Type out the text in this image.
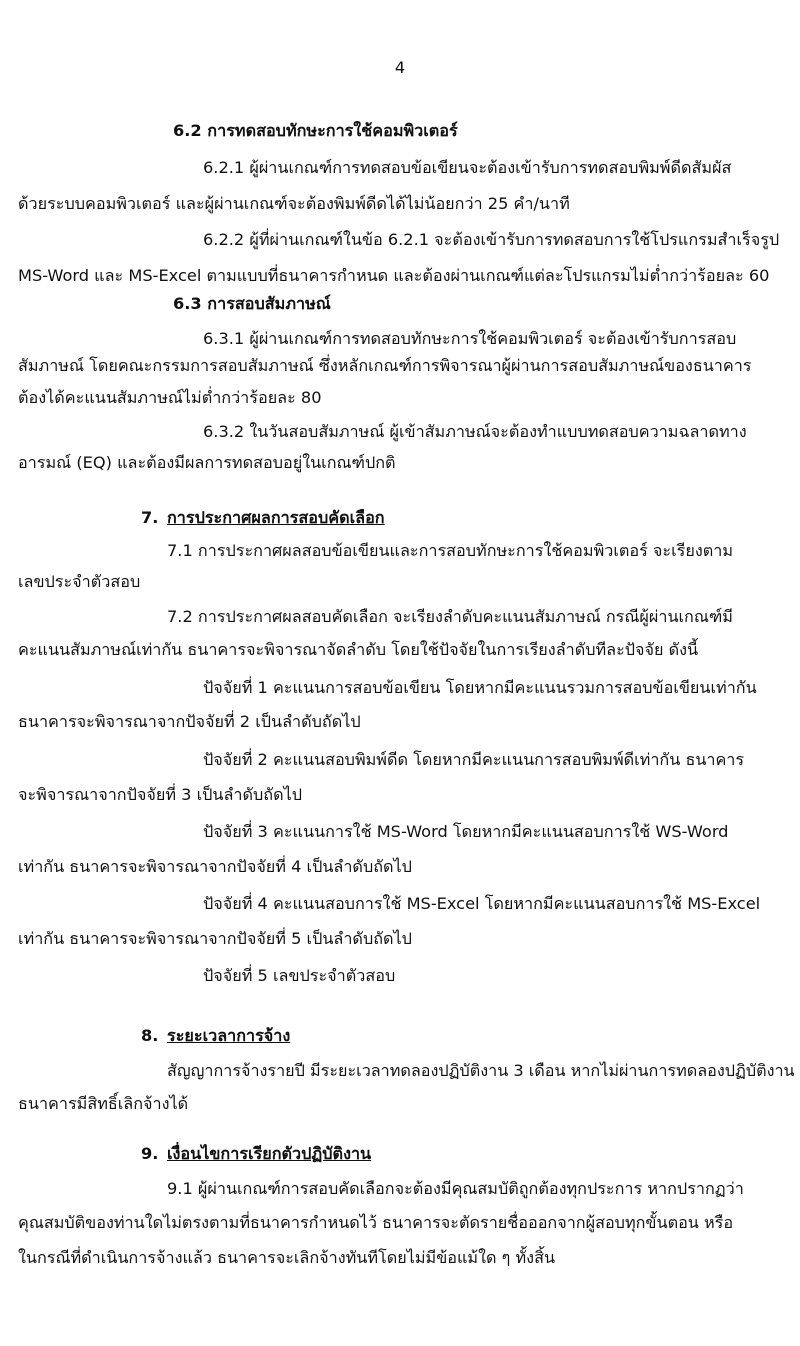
4
6.2 การทดสอบทักษะการใช้คอมพิวเตอร์
6.2.1 ผู้ผ่านเกณฑ์การทดสอบข้อเขียนจะต้องเข้ารับการทดสอบพิมพ์ดีดสัมผัส
ด้วยระบบคอมพิวเตอร์ และผู้ผ่านเกณฑ์จะต้องพิมพ์ดีดได้ไม่น้อยกว่า 25 คำ/นาที
6.2.2 ผู้ที่ผ่านเกณฑ์ในข้อ 6.2.1 จะต้องเข้ารับการทดสอบการใช้โปรแกรมสำเร็จรูป
MS-Word และ MS-Excel ตามแบบที่ธนาคารกำหนด และต้องผ่านเกณฑ์แต่ละโปรแกรมไม่ต่ำกว่าร้อยละ 60
6.3 การสอบสัมภาษณ์
6.3.1 ผู้ผ่านเกณฑ์การทดสอบทักษะการใช้คอมพิวเตอร์ จะต้องเข้ารับการสอบ
สัมภาษณ์ โดยคณะกรรมการสอบสัมภาษณ์ ซึ่งหลักเกณฑ์การพิจารณาผู้ผ่านการสอบสัมภาษณ์ของธนาคาร
ต้องได้คะแนนสัมภาษณ์ไม่ต่ำกว่าร้อยละ 80
6.3.2 ในวันสอบสัมภาษณ์ ผู้เข้าสัมภาษณ์จะต้องทำแบบทดสอบความฉลาดทาง
อารมณ์ (EQ) และต้องมีผลการทดสอบอยู่ในเกณฑ์ปกติ
7. การประกาศผลการสอบคัดเลือก
7.1 การประกาศผลสอบข้อเขียนและการสอบทักษะการใช้คอมพิวเตอร์ จะเรียงตาม
เลขประจำตัวสอบ
7.2 การประกาศผลสอบคัดเลือก จะเรียงลำดับคะแนนสัมภาษณ์ กรณีผู้ผ่านเกณฑ์มี
คะแนนสัมภาษณ์เท่ากัน ธนาคารจะพิจารณาจัดลำดับ โดยใช้ปัจจัยในการเรียงลำดับทีละปัจจัย ดังนี้
ปัจจัยที่ 1 คะแนนการสอบข้อเขียน โดยหากมีคะแนนรวมการสอบข้อเขียนเท่ากัน
ธนาคารจะพิจารณาจากปัจจัยที่ 2 เป็นลำดับถัดไป
ปัจจัยที่ 2 คะแนนสอบพิมพ์ดีด โดยหากมีคะแนนการสอบพิมพ์ดีเท่ากัน ธนาคาร
จะพิจารณาจากปัจจัยที่ 3 เป็นลำดับถัดไป
ปัจจัยที่ 3 คะแนนการใช้ MS-Word โดยหากมีคะแนนสอบการใช้ WS-Word
เท่ากัน ธนาคารจะพิจารณาจากปัจจัยที่ 4 เป็นลำดับถัดไป
ปัจจัยที่ 4 คะแนนสอบการใช้ MS-Excel โดยหากมีคะแนนสอบการใช้ MS-Excel
เท่ากัน ธนาคารจะพิจารณาจากปัจจัยที่ 5 เป็นลำดับถัดไป
ปัจจัยที่ 5 เลขประจำตัวสอบ
8. ระยะเวลาการจ้าง
สัญญาการจ้างรายปี มีระยะเวลาทดลองปฏิบัติงาน 3 เดือน หากไม่ผ่านการทดลองปฏิบัติงาน
ธนาคารมีสิทธิ์เลิกจ้างได้
9. เงื่อนไขการเรียกตัวปฏิบัติงาน
9.1 ผู้ผ่านเกณฑ์การสอบคัดเลือกจะต้องมีคุณสมบัติถูกต้องทุกประการ หากปรากฏว่า
คุณสมบัติของท่านใดไม่ตรงตามที่ธนาคารกำหนดไว้ ธนาคารจะตัดรายชื่อออกจากผู้สอบทุกขั้นตอน หรือ
ในกรณีที่ดำเนินการจ้างแล้ว ธนาคารจะเลิกจ้างทันทีโดยไม่มีข้อแม้ใด ๆ ทั้งสิ้น
